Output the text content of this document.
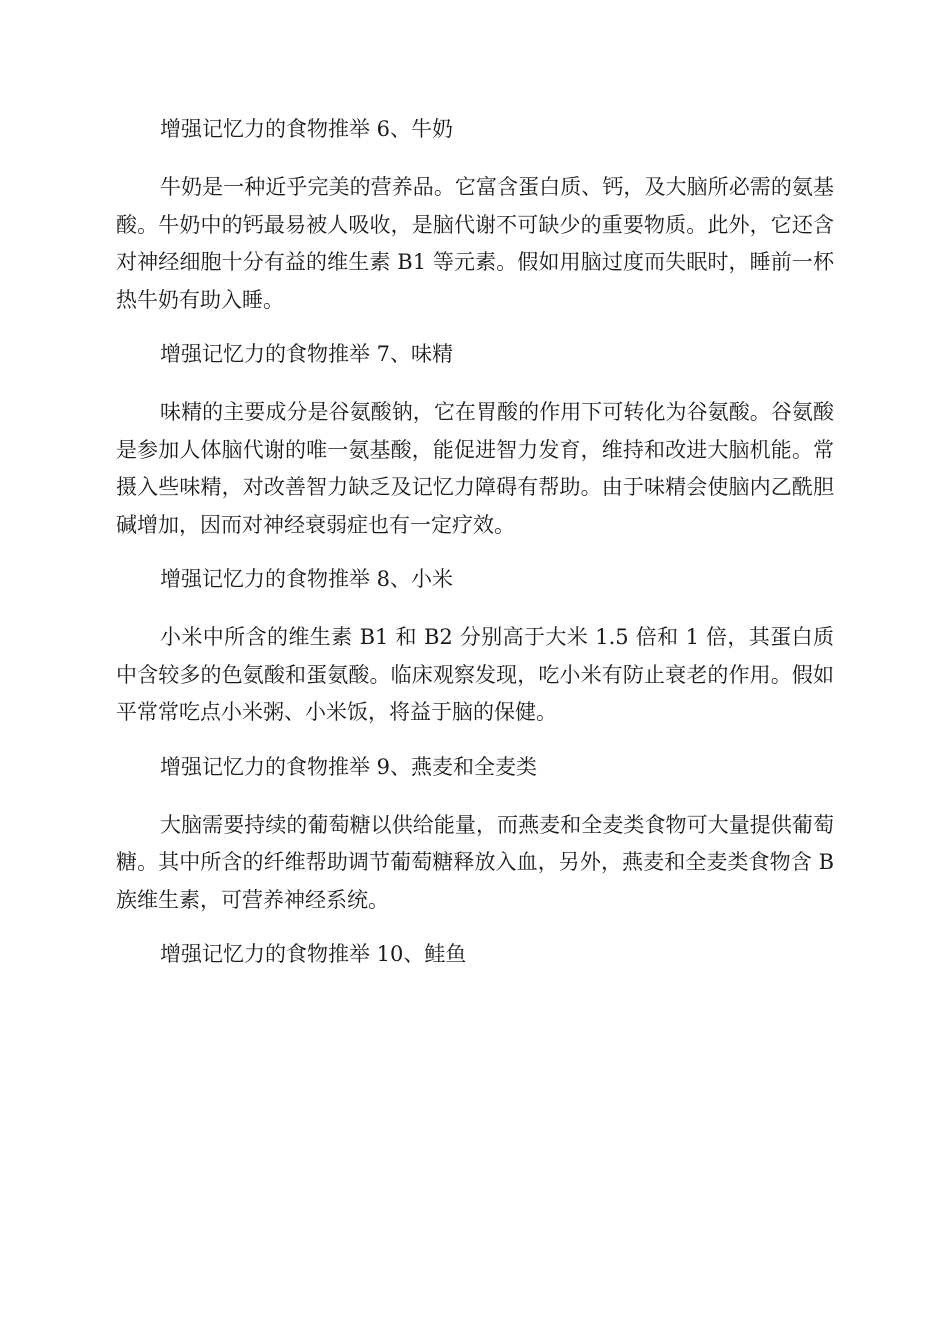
增强记忆力的食物推举 6、牛奶

牛奶是一种近乎完美的营养品。它富含蛋白质、钙，及大脑所必需的氨基酸。牛奶中的钙最易被人吸收，是脑代谢不可缺少的重要物质。此外，它还含对神经细胞十分有益的维生素 B1 等元素。假如用脑过度而失眠时，睡前一杯热牛奶有助入睡。

增强记忆力的食物推举 7、味精

味精的主要成分是谷氨酸钠，它在胃酸的作用下可转化为谷氨酸。谷氨酸是参加人体脑代谢的唯一氨基酸，能促进智力发育，维持和改进大脑机能。常摄入些味精，对改善智力缺乏及记忆力障碍有帮助。由于味精会使脑内乙酰胆碱增加，因而对神经衰弱症也有一定疗效。

增强记忆力的食物推举 8、小米

小米中所含的维生素 B1 和 B2 分别高于大米 1.5 倍和 1 倍，其蛋白质中含较多的色氨酸和蛋氨酸。临床观察发现，吃小米有防止衰老的作用。假如平常常吃点小米粥、小米饭，将益于脑的保健。

增强记忆力的食物推举 9、燕麦和全麦类

大脑需要持续的葡萄糖以供给能量，而燕麦和全麦类食物可大量提供葡萄糖。其中所含的纤维帮助调节葡萄糖释放入血，另外，燕麦和全麦类食物含 B 族维生素，可营养神经系统。

增强记忆力的食物推举 10、鲑鱼
